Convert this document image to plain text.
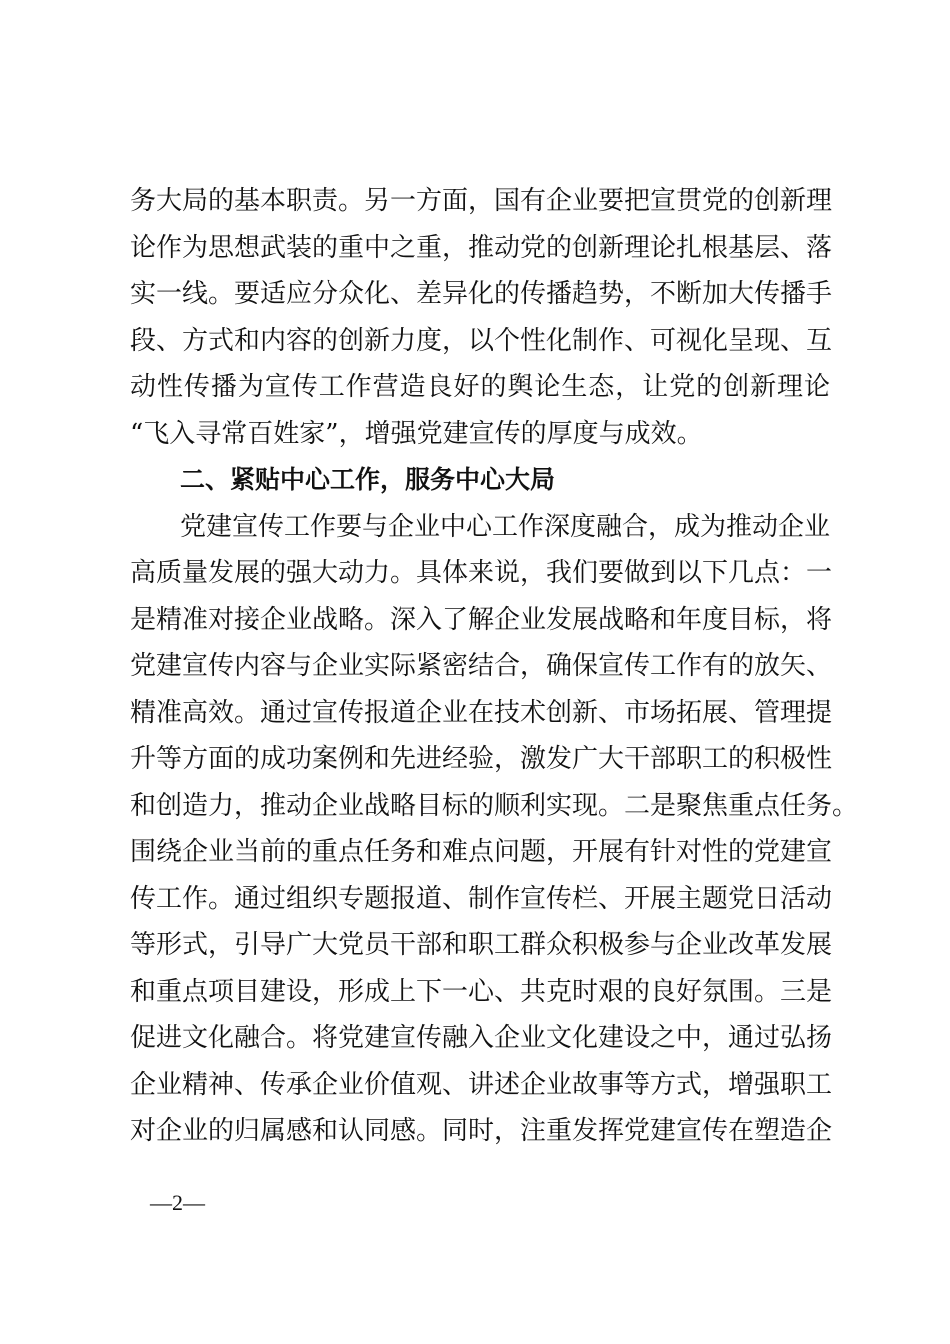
务大局的基本职责。另一方面，国有企业要把宣贯党的创新理
论作为思想武装的重中之重，推动党的创新理论扎根基层、落
实一线。要适应分众化、差异化的传播趋势，不断加大传播手
段、方式和内容的创新力度，以个性化制作、可视化呈现、互
动性传播为宣传工作营造良好的舆论生态，让党的创新理论
“飞入寻常百姓家”，增强党建宣传的厚度与成效。
二、紧贴中心工作，服务中心大局
党建宣传工作要与企业中心工作深度融合，成为推动企业
高质量发展的强大动力。具体来说，我们要做到以下几点：一
是精准对接企业战略。深入了解企业发展战略和年度目标，将
党建宣传内容与企业实际紧密结合，确保宣传工作有的放矢、
精准高效。通过宣传报道企业在技术创新、市场拓展、管理提
升等方面的成功案例和先进经验，激发广大干部职工的积极性
和创造力，推动企业战略目标的顺利实现。二是聚焦重点任务。
围绕企业当前的重点任务和难点问题，开展有针对性的党建宣
传工作。通过组织专题报道、制作宣传栏、开展主题党日活动
等形式，引导广大党员干部和职工群众积极参与企业改革发展
和重点项目建设，形成上下一心、共克时艰的良好氛围。三是
促进文化融合。将党建宣传融入企业文化建设之中，通过弘扬
企业精神、传承企业价值观、讲述企业故事等方式，增强职工
对企业的归属感和认同感。同时，注重发挥党建宣传在塑造企
—2—
